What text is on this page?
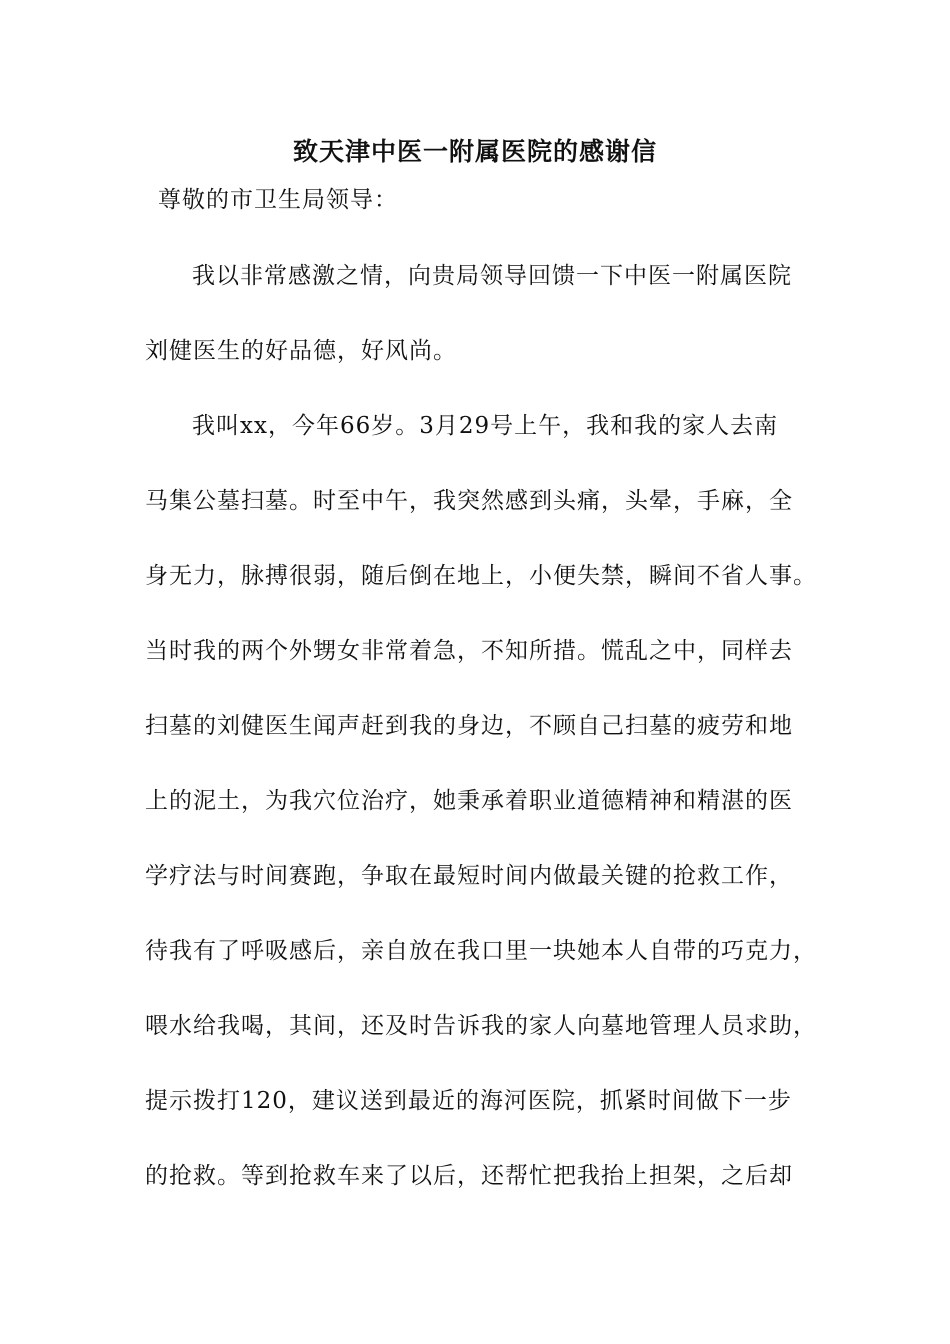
致天津中医一附属医院的感谢信
尊敬的市卫生局领导：
我以非常感激之情，向贵局领导回馈一下中医一附属医院
刘健医生的好品德，好风尚。
我叫xx，今年66岁。3月29号上午，我和我的家人去南
马集公墓扫墓。时至中午，我突然感到头痛，头晕，手麻，全
身无力，脉搏很弱，随后倒在地上，小便失禁，瞬间不省人事。
当时我的两个外甥女非常着急，不知所措。慌乱之中，同样去
扫墓的刘健医生闻声赶到我的身边，不顾自己扫墓的疲劳和地
上的泥土，为我穴位治疗，她秉承着职业道德精神和精湛的医
学疗法与时间赛跑，争取在最短时间内做最关键的抢救工作，
待我有了呼吸感后，亲自放在我口里一块她本人自带的巧克力，
喂水给我喝，其间，还及时告诉我的家人向墓地管理人员求助，
提示拨打120，建议送到最近的海河医院，抓紧时间做下一步
的抢救。等到抢救车来了以后，还帮忙把我抬上担架，之后却
